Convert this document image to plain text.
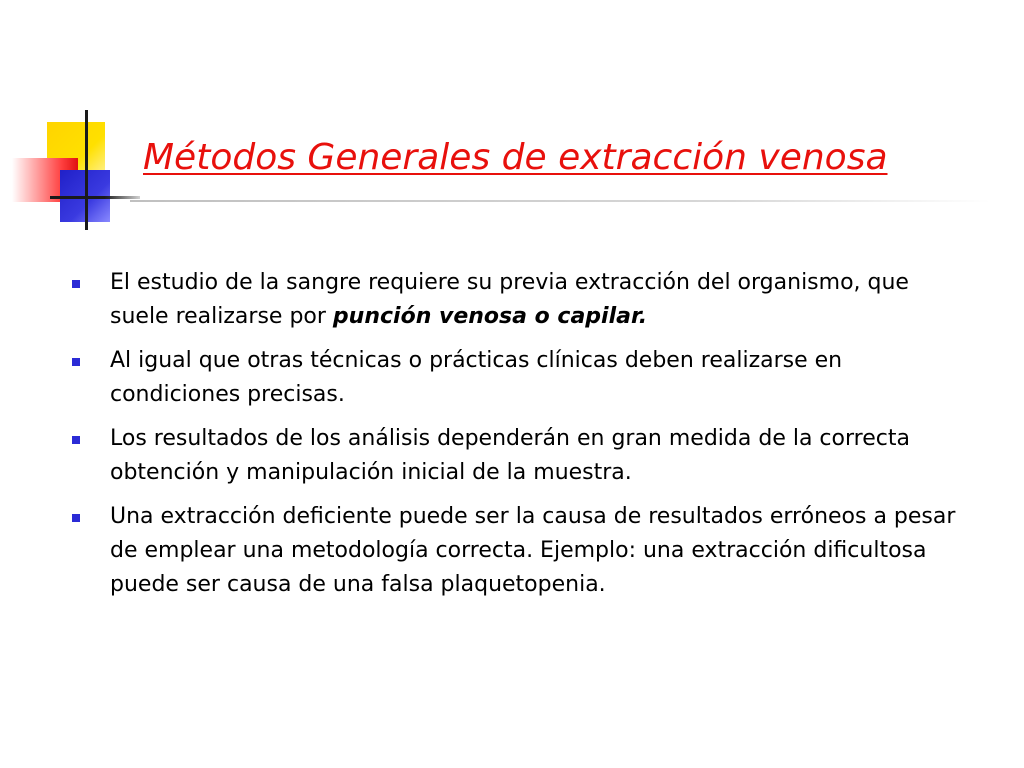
Métodos Generales de extracción venosa
El estudio de la sangre requiere su previa extracción del organismo, que suele realizarse por punción venosa o capilar.
Al igual que otras técnicas o prácticas clínicas deben realizarse en condiciones precisas.
Los resultados de los análisis dependerán en gran medida de la correcta obtención y manipulación inicial de la muestra.
Una extracción deficiente puede ser la causa de resultados erróneos a pesar de emplear una metodología correcta. Ejemplo: una extracción dificultosa puede ser causa de una falsa plaquetopenia.
